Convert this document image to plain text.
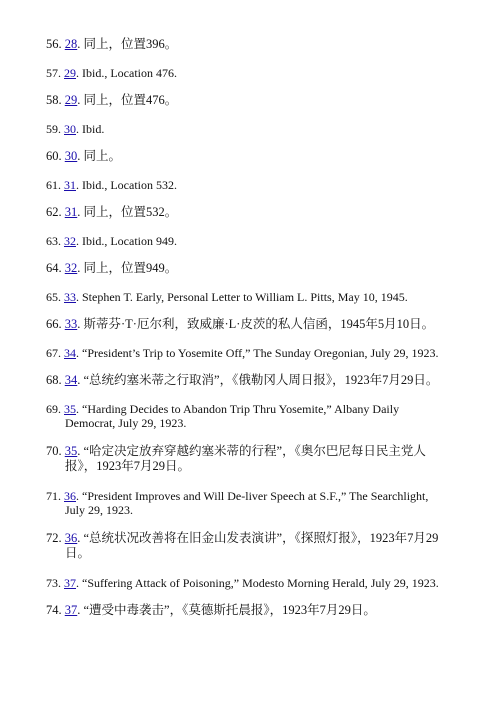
56. 28. 同上，位置396。
57. 29. Ibid., Location 476.
58. 29. 同上，位置476。
59. 30. Ibid.
60. 30. 同上。
61. 31. Ibid., Location 532.
62. 31. 同上，位置532。
63. 32. Ibid., Location 949.
64. 32. 同上，位置949。
65. 33. Stephen T. Early, Personal Letter to William L. Pitts, May 10, 1945.
66. 33. 斯蒂芬·T·厄尔利，致威廉·L·皮茨的私人信函，1945年5月10日。
67. 34. “President’s Trip to Yosemite Off,” The Sunday Oregonian, July 29, 1923.
68. 34. “总统约塞米蒂之行取消”，《俄勒冈人周日报》，1923年7月29日。
69. 35. “Harding Decides to Abandon Trip Thru Yosemite,” Albany Daily
Democrat, July 29, 1923.
70. 35. “哈定决定放弃穿越约塞米蒂的行程”，《奥尔巴尼每日民主党人
报》，1923年7月29日。
71. 36. “President Improves and Will De-liver Speech at S.F.,” The Searchlight,
July 29, 1923.
72. 36. “总统状况改善将在旧金山发表演讲”，《探照灯报》，1923年7月29
日。
73. 37. “Suffering Attack of Poisoning,” Modesto Morning Herald, July 29, 1923.
74. 37. “遭受中毒袭击”，《莫德斯托晨报》，1923年7月29日。
